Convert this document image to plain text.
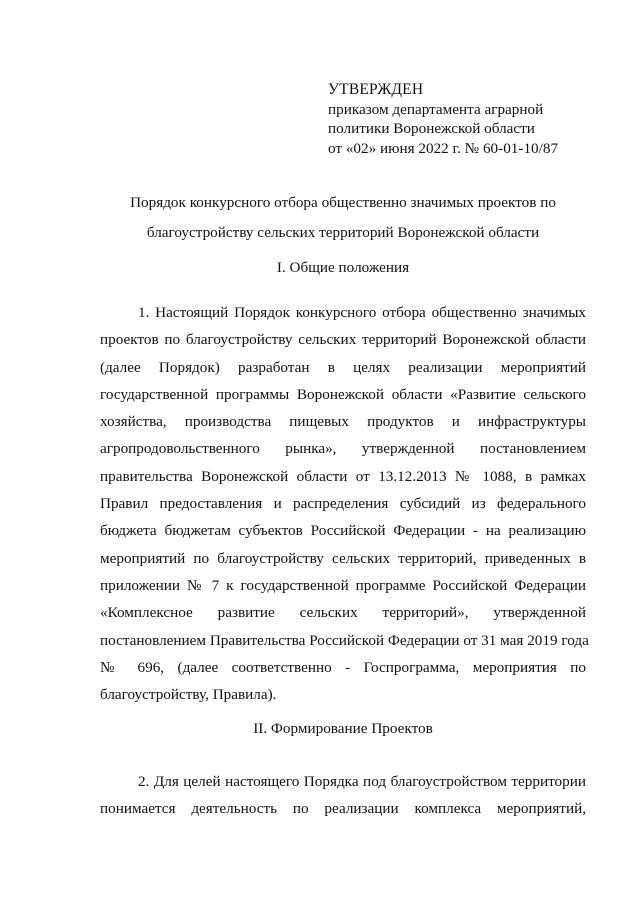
УТВЕРЖДЕН
приказом департамента аграрной
политики Воронежской области
от «02» июня 2022 г. № 60-01-10/87
Порядок конкурсного отбора общественно значимых проектов по
благоустройству сельских территорий Воронежской области
I. Общие положения
1. Настоящий Порядок конкурсного отбора общественно значимых
проектов по благоустройству сельских территорий Воронежской области
(далее Порядок) разработан в целях реализации мероприятий
государственной программы Воронежской области «Развитие сельского
хозяйства, производства пищевых продуктов и инфраструктуры
агропродовольственного рынка», утвержденной постановлением
правительства Воронежской области от 13.12.2013 № 1088, в рамках
Правил предоставления и распределения субсидий из федерального
бюджета бюджетам субъектов Российской Федерации - на реализацию
мероприятий по благоустройству сельских территорий, приведенных в
приложении № 7 к государственной программе Российской Федерации
«Комплексное развитие сельских территорий», утвержденной
постановлением Правительства Российской Федерации от 31 мая 2019 года
№ 696, (далее соответственно - Госпрограмма, мероприятия по
благоустройству, Правила).
II. Формирование Проектов
2. Для целей настоящего Порядка под благоустройством территории
понимается деятельность по реализации комплекса мероприятий,
